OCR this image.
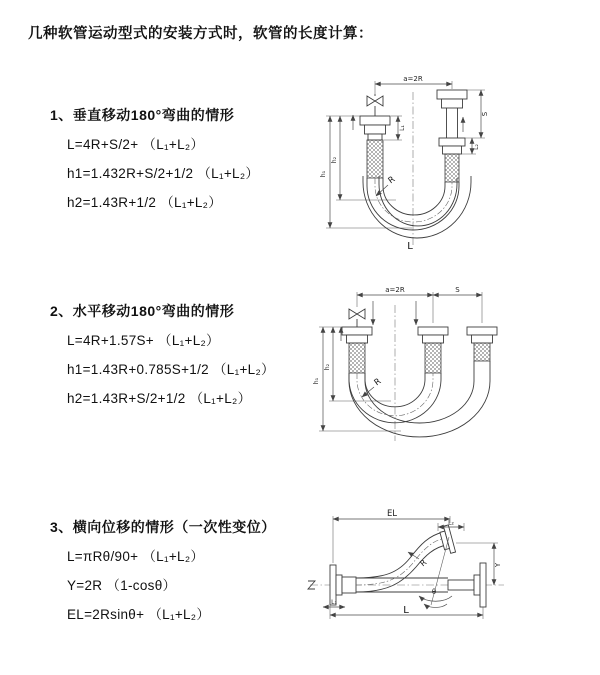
几种软管运动型式的安装方式时，软管的长度计算：
1、垂直移动180°弯曲的情形
L=4R+S/2+ （L₁+L₂）
h1=1.432R+S/2+1/2 （L₁+L₂）
h2=1.43R+1/2 （L₁+L₂）
2、水平移动180°弯曲的情形
L=4R+1.57S+ （L₁+L₂）
h1=1.43R+0.785S+1/2 （L₁+L₂）
h2=1.43R+S/2+1/2 （L₁+L₂）
3、横向位移的情形（一次性变位）
L=πRθ/90+ （L₁+L₂）
Y=2R （1-cosθ）
EL=2Rsinθ+ （L₁+L₂）
a=2R
L₁
S
L₂
h₁
h₂
R
L
a=2R	S
h₁
h₂
R
EL
L₂
Y
R
θ
L
L₁
